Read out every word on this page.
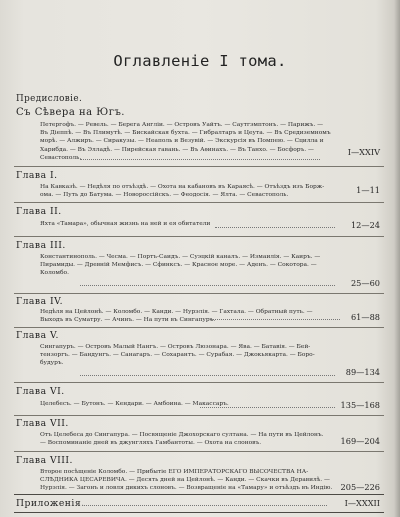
Оглавленіе I тома.
Предисловіе.
Съ Сѣвера на Югъ.
Петергофъ. — Ревель. — Берега Англіи. — Островъ Уайтъ. — Саутгэмптонъ. — Парижъ. —
Въ Діеппѣ. — Въ Плимутѣ. — Бискайская бухта. — Гибралтаръ и Цеута. — Въ Средиземномъ
морѣ. — Алжиръ. — Сиракузы. — Неаполь и Везувій. — Экскурсія въ Помпею. — Сцилла и
Харибда. — Въ Элладѣ. — Пирейская гавань. — Въ Аѳинахъ. — Въ Танхо. — Босфоръ. —
Севастополь.
I—XXIV
Глава I.
На Кавказѣ. — Недѣля по отъѣздѣ. — Охота на кабановъ въ Караясѣ. — Отъѣздъ изъ Борж-
ома. — Путь до Батума. — Новороссійскъ. — Феодосія. — Ялта. — Севастополь.
1—11
Глава II.
Яхта «Тамара», обычная жизнь на ней и ея обитатели	12—24
Глава III.
Константинополь. — Чесма. — Портъ-Саидъ. — Суэцкій каналъ. — Измаилія. — Каиръ. —
Пирамиды. — Древній Мемфисъ. — Сфинксъ. — Красное море. — Аденъ. — Сокотора. —
Коломбо.
25—60
Глава IV.
Недѣля на Цейлонѣ. — Коломбо. — Канди. — Нурэлія. — Гахтала. — Обратный путь. —
Выходъ въ Суматру. — Ачинъ. — На пути въ Сингапуръ.	61—88
Глава V.
Сингапуръ. — Островъ Малый Нангъ. — Островъ Люзонара. — Ява. — Батавія. — Бей-
тензоргъ. — Бандунгъ. — Санагаръ. — Сохарантъ. — Сурабая. — Джокьякарта. — Боро-
будуръ.
89—134
Глава VI.
Целебесъ. — Бутонъ. — Кендари. — Амбоина. — Макассаръ.	135—168
Глава VII.
Отъ Целебеса до Сингапура. — Посвященіе Джохорскаго султана. — На пути въ Цейлонъ.
— Воспоминаніе дней въ джунгляхъ Гамбантоты. — Охота на слоновъ.	169—204
Глава VIII.
Второе посѣщеніе Коломбо. — Прибытіе ЕГО ИМПЕРАТОРСКАГО ВЫСОЧЕСТВА НА-
СЛѢДНИКА ЦЕСАРЕВИЧА. — Десять дней на Цейлонѣ. — Канди. — Скачки въ Деравилѣ. —
Нурэлія. — Загонъ и ловля дикихъ слоновъ. — Возвращеніе на «Тамару» и отъѣздъ въ Индію.	205—226
Приложенія.	I—XXXII
